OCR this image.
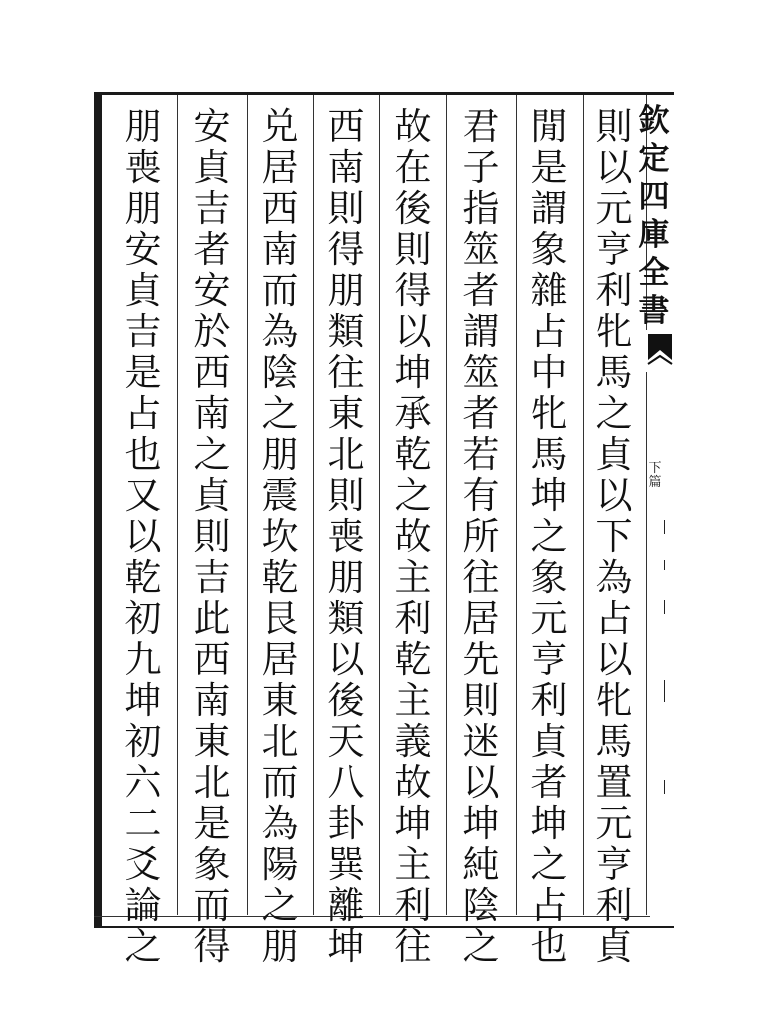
欽定四庫全書
下篇
則以元亨利牝馬之貞以下為占以牝馬置元亨利貞
閒是謂象雜占中牝馬坤之象元亨利貞者坤之占也
君子指筮者謂筮者若有所往居先則迷以坤純陰之
故在後則得以坤承乾之故主利乾主義故坤主利往
西南則得朋類往東北則喪朋類以後天八卦巽離坤
兑居西南而為陰之朋震坎乾艮居東北而為陽之朋
安貞吉者安於西南之貞則吉此西南東北是象而得
朋喪朋安貞吉是占也又以乾初九坤初六二爻論之
